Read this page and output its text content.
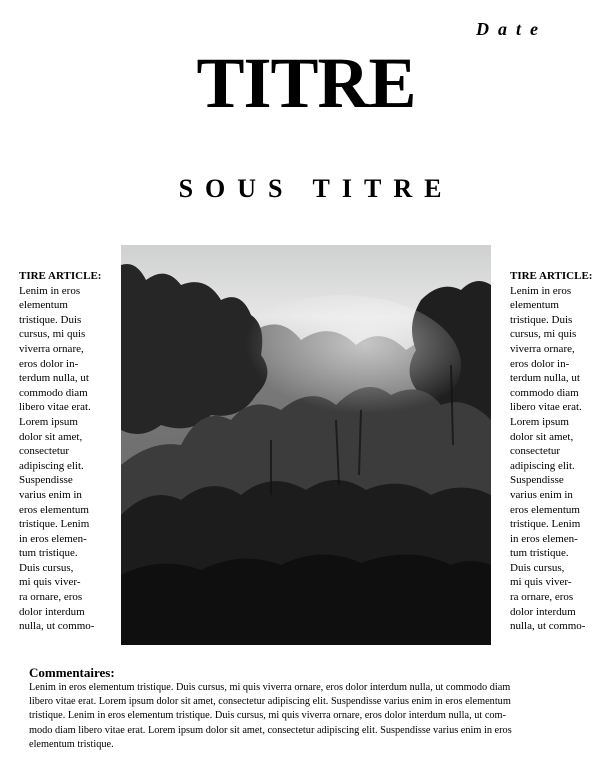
Date
TITRE
SOUS TITRE
TIRE ARTICLE:
Lenim in eros
elementum
tristique. Duis
cursus, mi quis
viverra ornare,
eros dolor in-
terdum nulla, ut
commodo diam
libero vitae erat.
Lorem ipsum
dolor sit amet,
consectetur
adipiscing elit.
Suspendisse
varius enim in
eros elementum
tristique. Lenim
in eros elemen-
tum tristique.
Duis cursus,
mi quis viver-
ra ornare, eros
dolor interdum
nulla, ut commo-
TIRE ARTICLE:
Lenim in eros
elementum
tristique. Duis
cursus, mi quis
viverra ornare,
eros dolor in-
terdum nulla, ut
commodo diam
libero vitae erat.
Lorem ipsum
dolor sit amet,
consectetur
adipiscing elit.
Suspendisse
varius enim in
eros elementum
tristique. Lenim
in eros elemen-
tum tristique.
Duis cursus,
mi quis viver-
ra ornare, eros
dolor interdum
nulla, ut commo-
Commentaires:
Lenim in eros elementum tristique. Duis cursus, mi quis viverra ornare, eros dolor interdum nulla, ut commodo diam
libero vitae erat. Lorem ipsum dolor sit amet, consectetur adipiscing elit. Suspendisse varius enim in eros elementum
tristique. Lenim in eros elementum tristique. Duis cursus, mi quis viverra ornare, eros dolor interdum nulla, ut com-
modo diam libero vitae erat. Lorem ipsum dolor sit amet, consectetur adipiscing elit. Suspendisse varius enim in eros
elementum tristique.
